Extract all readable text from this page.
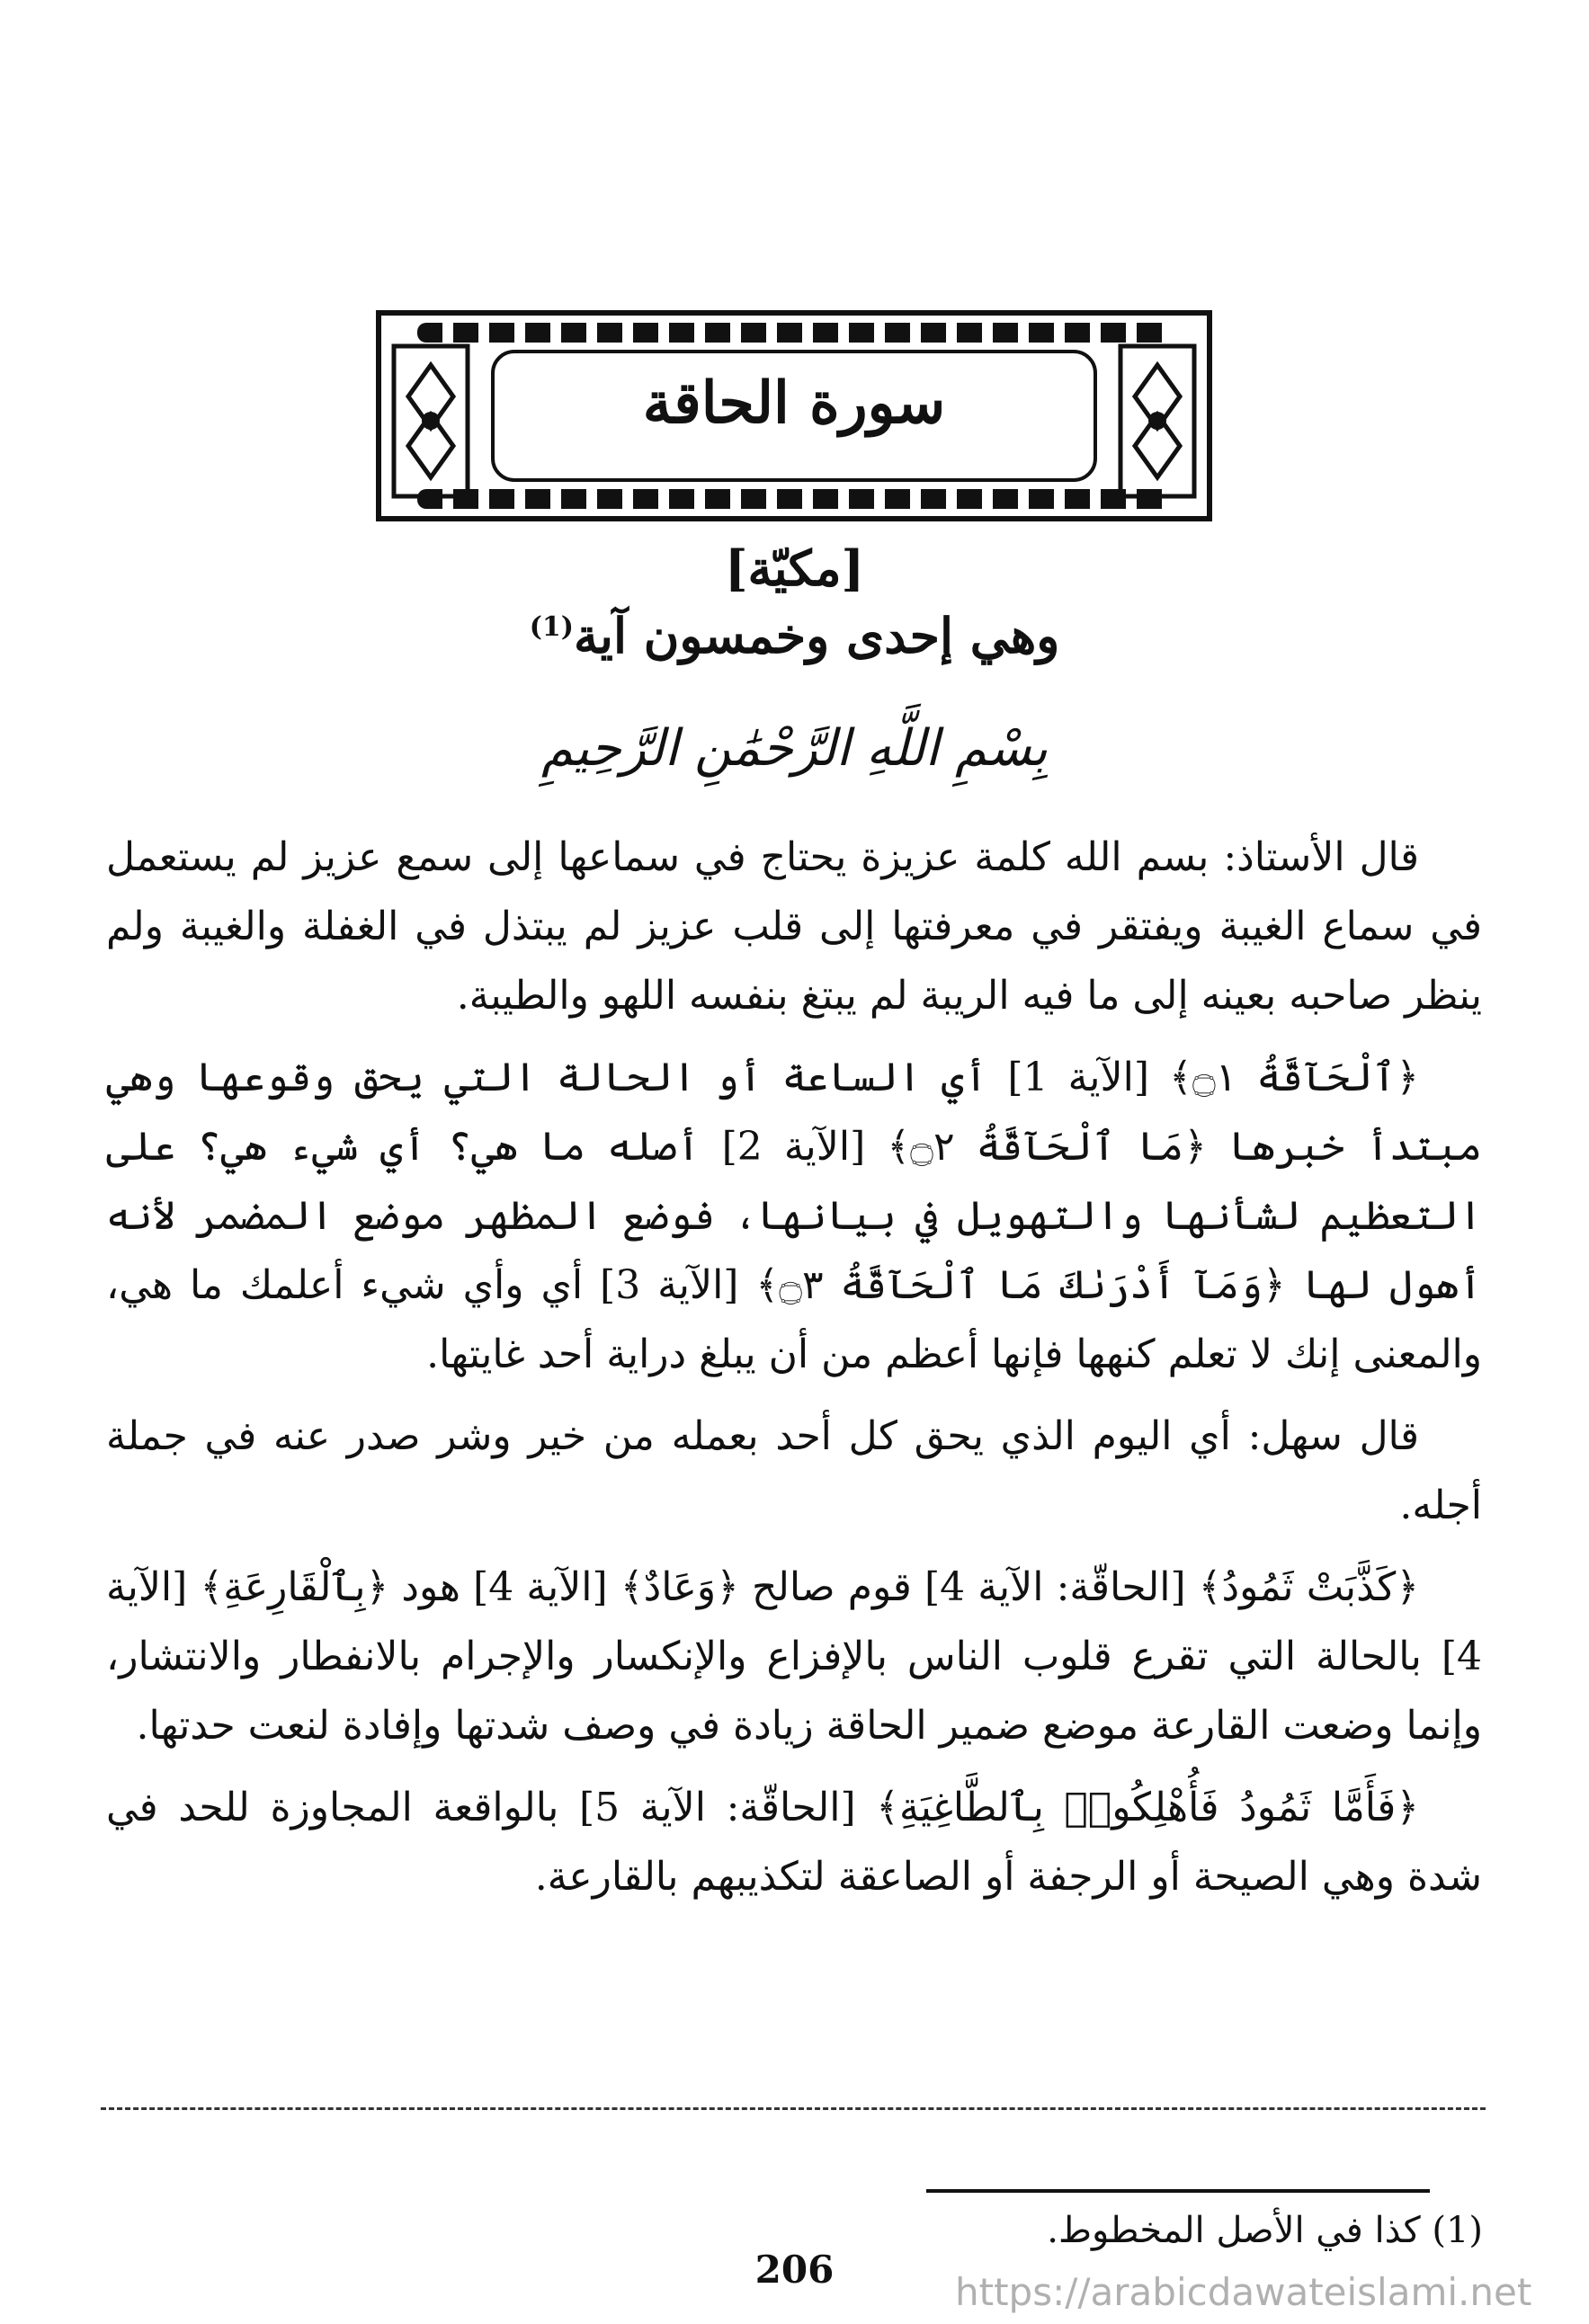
سورة الحاقة
[مكيّة]
وهي إحدى وخمسون آية$^{(1)}$
بِسْمِ اللَّهِ الرَّحْمَٰنِ الرَّحِيمِ

قال الأستاذ: بسم الله كلمة عزيزة يحتاج في سماعها إلى سمع عزيز لم يستعمل في سماع الغيبة ويفتقر في معرفتها إلى قلب عزيز لم يبتذل في الغفلة والغيبة ولم ينظر صاحبه بعينه إلى ما فيه الريبة لم يبتغ بنفسه اللهو والطيبة.

﴿ٱلْحَآقَّةُ ۝١﴾ [الآية 1] أي الساعة أو الحالة التي يحق وقوعها وهي مبتدأ خبرها ﴿مَا ٱلْحَآقَّةُ ۝٢﴾ [الآية 2] أصله ما هي؟ أي شيء هي؟ على التعظيم لشأنها والتهويل في بيانها، فوضع المظهر موضع المضمر لأنه أهول لها ﴿وَمَآ أَدْرَىٰكَ مَا ٱلْحَآقَّةُ ۝٣﴾ [الآية 3] أي وأي شيء أعلمك ما هي، والمعنى إنك لا تعلم كنهها فإنها أعظم من أن يبلغ دراية أحد غايتها.

قال سهل: أي اليوم الذي يحق كل أحد بعمله من خير وشر صدر عنه في جملة أجله.

﴿كَذَّبَتْ ثَمُودُ﴾ [الحاقّة: الآية 4] قوم صالح ﴿وَعَادٌ﴾ [الآية 4] هود ﴿بِٱلْقَارِعَةِ﴾ [الآية 4] بالحالة التي تقرع قلوب الناس بالإفزاع والإنكسار والإجرام بالانفطار والانتشار، وإنما وضعت القارعة موضع ضمير الحاقة زيادة في وصف شدتها وإفادة لنعت حدتها.

﴿فَأَمَّا ثَمُودُ فَأُهْلِكُوا۟ بِٱلطَّاغِيَةِ﴾ [الحاقّة: الآية 5] بالواقعة المجاوزة للحد في شدة وهي الصيحة أو الرجفة أو الصاعقة لتكذيبهم بالقارعة.

(1) كذا في الأصل المخطوط.
206
https://arabicdawateislami.net
